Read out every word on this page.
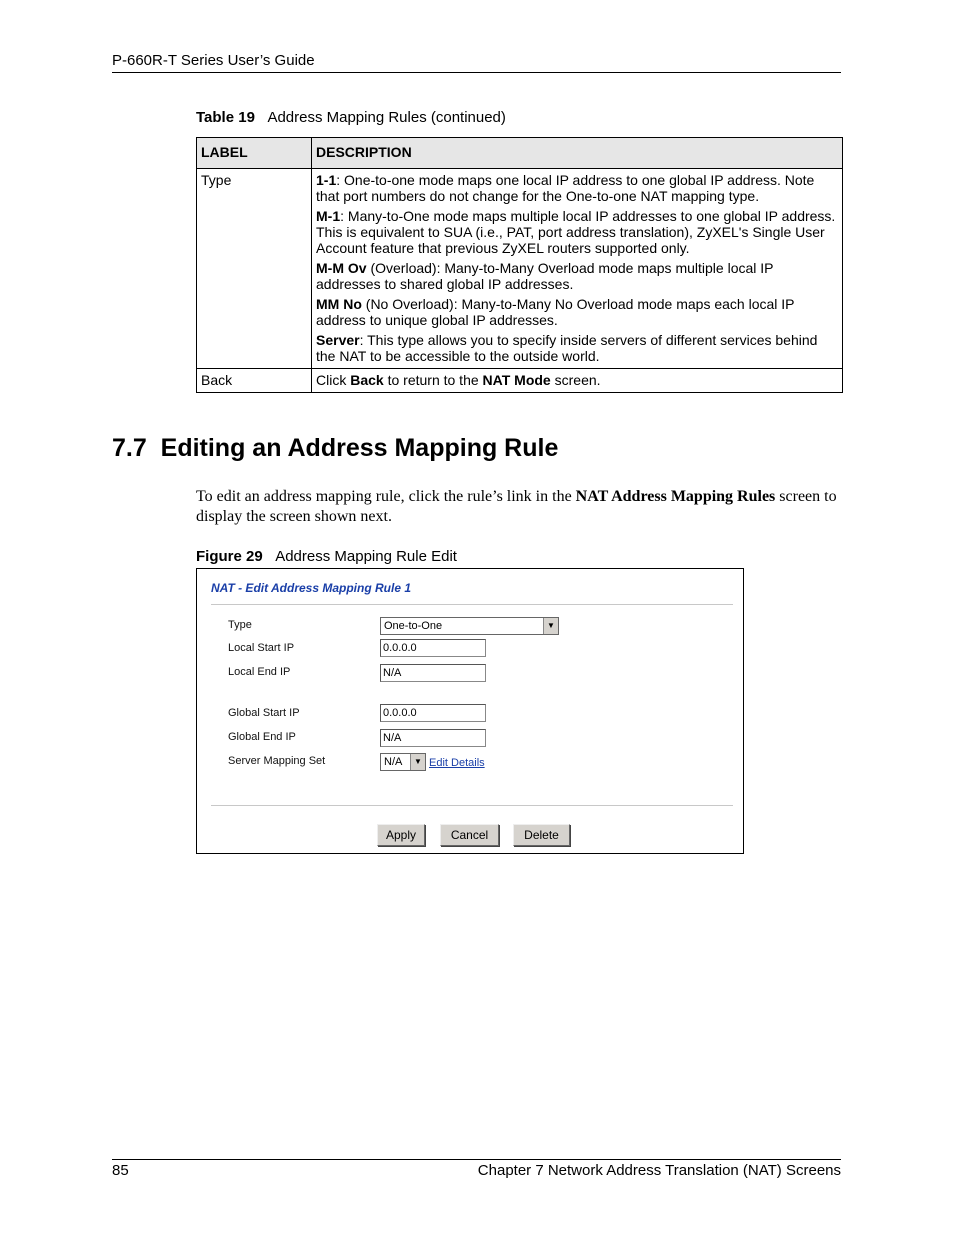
P-660R-T Series User’s Guide
Table 19 Address Mapping Rules (continued)
LABEL	DESCRIPTION
Type	1-1: One-to-one mode maps one local IP address to one global IP address. Note that port numbers do not change for the One-to-one NAT mapping type.

M-1: Many-to-One mode maps multiple local IP addresses to one global IP address. This is equivalent to SUA (i.e., PAT, port address translation), ZyXEL's Single User Account feature that previous ZyXEL routers supported only.

M-M Ov (Overload): Many-to-Many Overload mode maps multiple local IP addresses to shared global IP addresses.

MM No (No Overload): Many-to-Many No Overload mode maps each local IP address to unique global IP addresses.

Server: This type allows you to specify inside servers of different services behind the NAT to be accessible to the outside world.

Back	Click Back to return to the NAT Mode screen.
7.7  Editing an Address Mapping Rule
To edit an address mapping rule, click the rule’s link in the NAT Address Mapping Rules screen to display the screen shown next.
Figure 29 Address Mapping Rule Edit
NAT - Edit Address Mapping Rule 1
Type	One-to-One	▼
Local Start IP	0.0.0.0
Local End IP	N/A
Global Start IP	0.0.0.0
Global End IP	N/A
Server Mapping Set	N/A	▼ Edit Details
Apply	Cancel	Delete
85	Chapter 7 Network Address Translation (NAT) Screens
